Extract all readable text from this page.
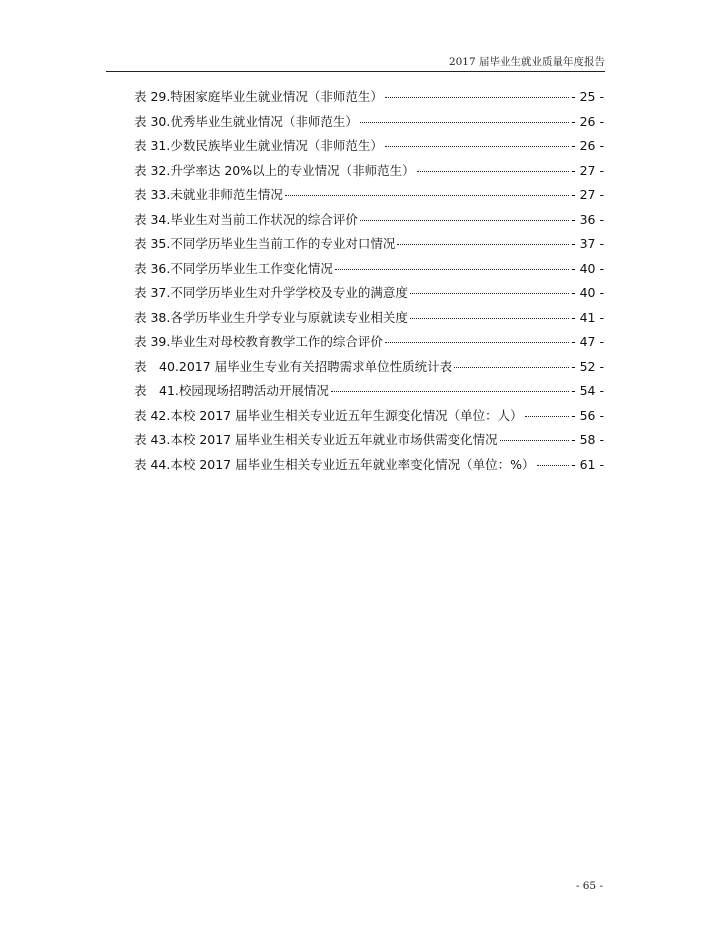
2017 届毕业生就业质量年度报告
表 29.特困家庭毕业生就业情况（非师范生）	- 25 -
表 30.优秀毕业生就业情况（非师范生）	- 26 -
表 31.少数民族毕业生就业情况（非师范生）	- 26 -
表 32.升学率达 20%以上的专业情况（非师范生）	- 27 -
表 33.未就业非师范生情况	- 27 -
表 34.毕业生对当前工作状况的综合评价	- 36 -
表 35.不同学历毕业生当前工作的专业对口情况	- 37 -
表 36.不同学历毕业生工作变化情况	- 40 -
表 37.不同学历毕业生对升学学校及专业的满意度	- 40 -
表 38.各学历毕业生升学专业与原就读专业相关度	- 41 -
表 39.毕业生对母校教育教学工作的综合评价	- 47 -
表　40.2017 届毕业生专业有关招聘需求单位性质统计表	- 52 -
表　41.校园现场招聘活动开展情况	- 54 -
表 42.本校 2017 届毕业生相关专业近五年生源变化情况（单位：人）	- 56 -
表 43.本校 2017 届毕业生相关专业近五年就业市场供需变化情况	- 58 -
表 44.本校 2017 届毕业生相关专业近五年就业率变化情况（单位：%）	- 61 -
- 65 -
